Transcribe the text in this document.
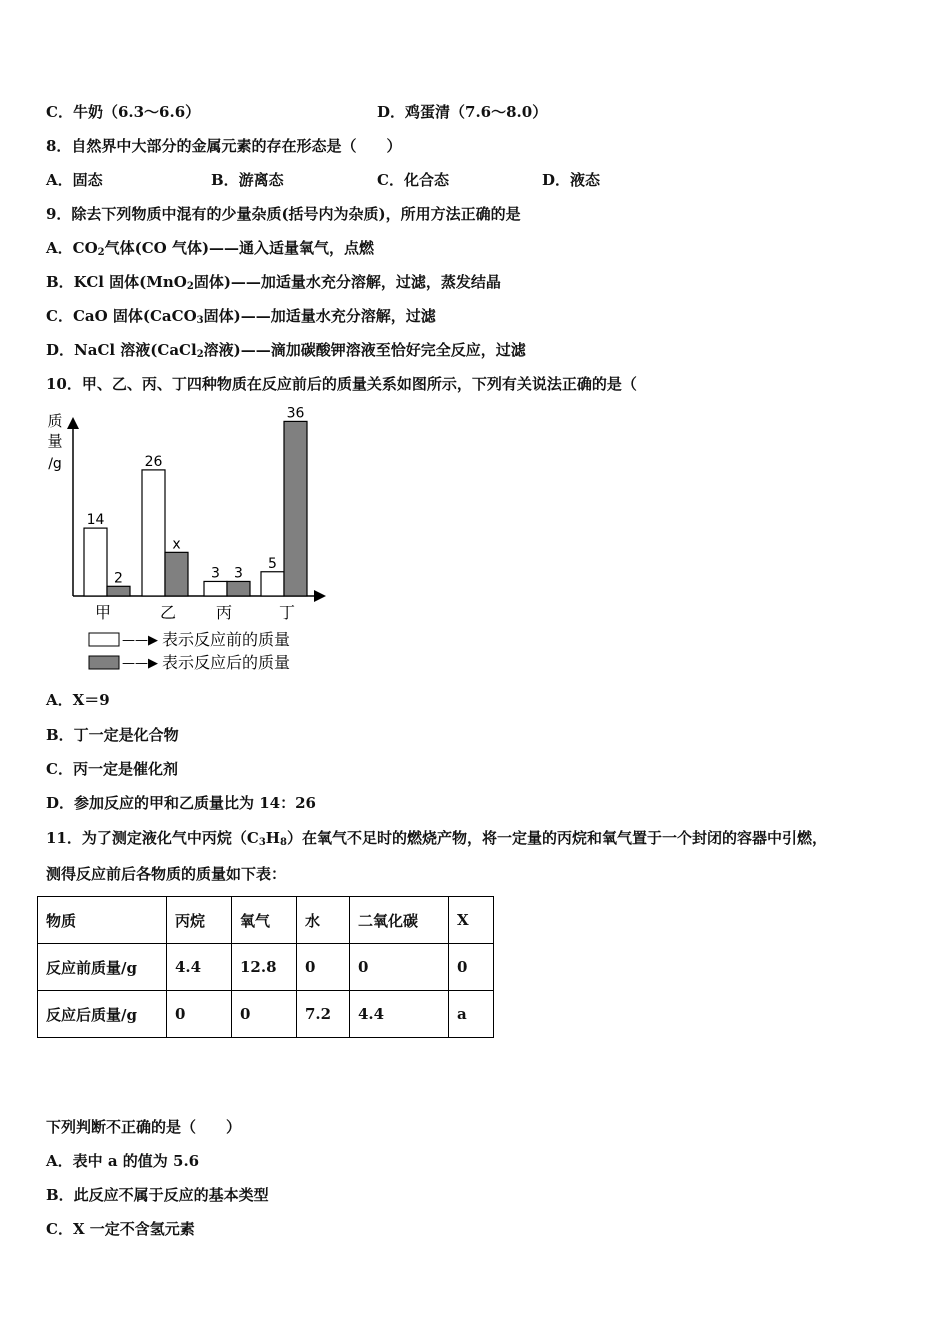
C．牛奶（6.3～6.6）	D．鸡蛋清（7.6～8.0）
8．自然界中大部分的金属元素的存在形态是（　　）
A．固态	B．游离态	C．化合态	D．液态
9．除去下列物质中混有的少量杂质(括号内为杂质)，所用方法正确的是
A．$CO_2$气体(CO 气体)——通入适量氧气，点燃
B．KCl 固体(MnO$_2$固体)——加适量水充分溶解，过滤，蒸发结晶
C．CaO 固体(CaCO$_3$固体)——加适量水充分溶解，过滤
D．NaCl 溶液(CaCl$_2$溶液)——滴加碳酸钾溶液至恰好完全反应，过滤
10．甲、乙、丙、丁四种物质在反应前后的质量关系如图所示，下列有关说法正确的是（
质
量
/g
14
2
26
x
3 3
5
36
甲	乙 丙	丁
——▶ 表示反应前的质量
——▶ 表示反应后的质量
A．X＝9
B．丁一定是化合物
C．丙一定是催化剂
D．参加反应的甲和乙质量比为 14：26
11．为了测定液化气中丙烷$(C_3H_8)$在氧气不足时的燃烧产物，将一定量的丙烷和氧气置于一个封闭的容器中引燃，
测得反应前后各物质的质量如下表：
物质	丙烷	氧气	水	二氧化碳	X
反应前质量/g	4.4	12.8	0	0	0
反应后质量/g	0	0	7.2	4.4	a
下列判断不正确的是（　　）
A．表中 a 的值为 5.6
B．此反应不属于反应的基本类型
C．X 一定不含氢元素
